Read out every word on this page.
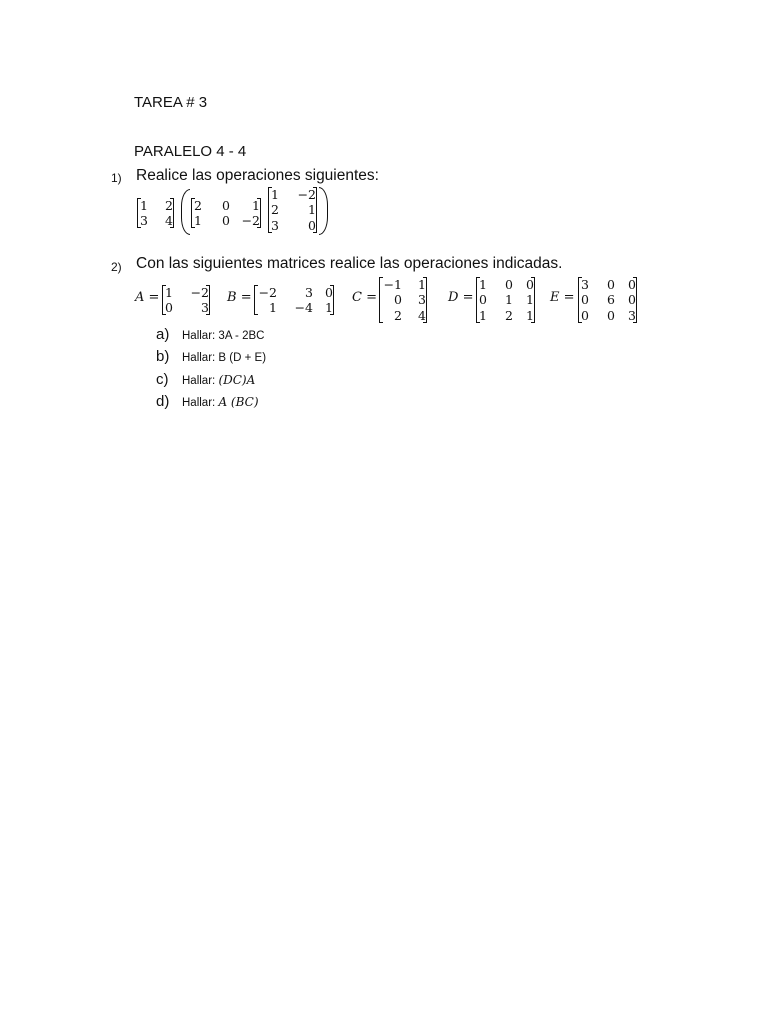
TAREA # 3
PARALELO 4 - 4
1) Realice las operaciones siguientes:
1	2
3	4
2	0	1
1	0 −2
1	−2
2	1
3	0
2) Con las siguientes matrices realice las operaciones indicadas.
A = 1	−2
0	3
B = −2	3 0
1	−4 1
C =
−1	1
0	3
2	4
D =
1	0	0
0	1	1
1	2	1
E =
3	0	0
0	6	0
0	0	3
a) Hallar: 3A - 2BC
b) Hallar: B (D + E)
c) Hallar: (DC)A
d) Hallar: A (BC)
